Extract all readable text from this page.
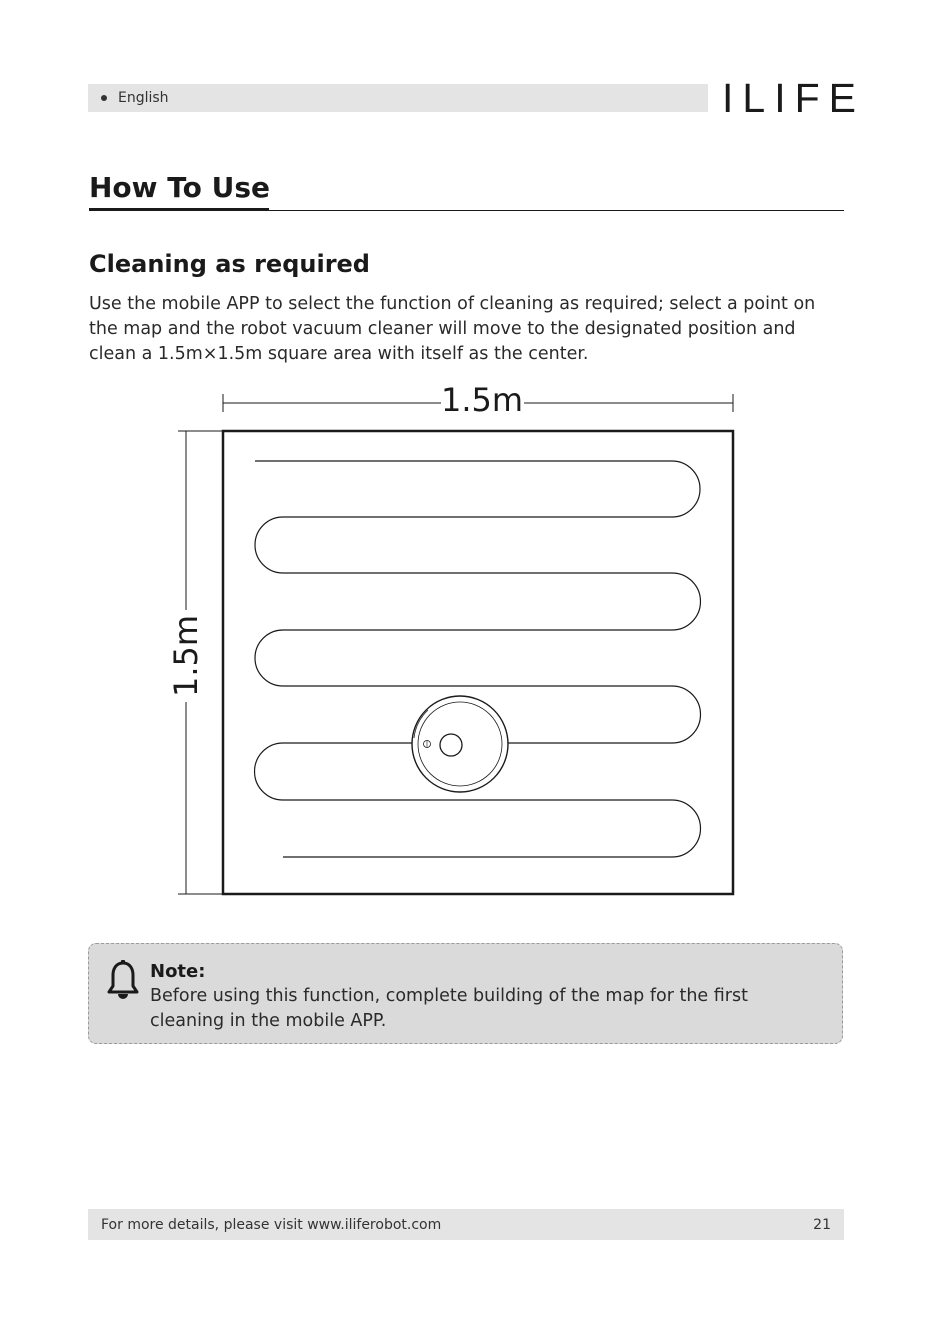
English	ILIFE
How To Use
Cleaning as required

Use the mobile APP to select the function of cleaning as required; select a point on the map and the robot vacuum cleaner will move to the designated position and clean a 1.5m×1.5m square area with itself as the center.

1.5m
1.5m
Note:
Before using this function, complete building of the map for the first cleaning in the mobile APP.
For more details, please visit www.iliferobot.com	21
